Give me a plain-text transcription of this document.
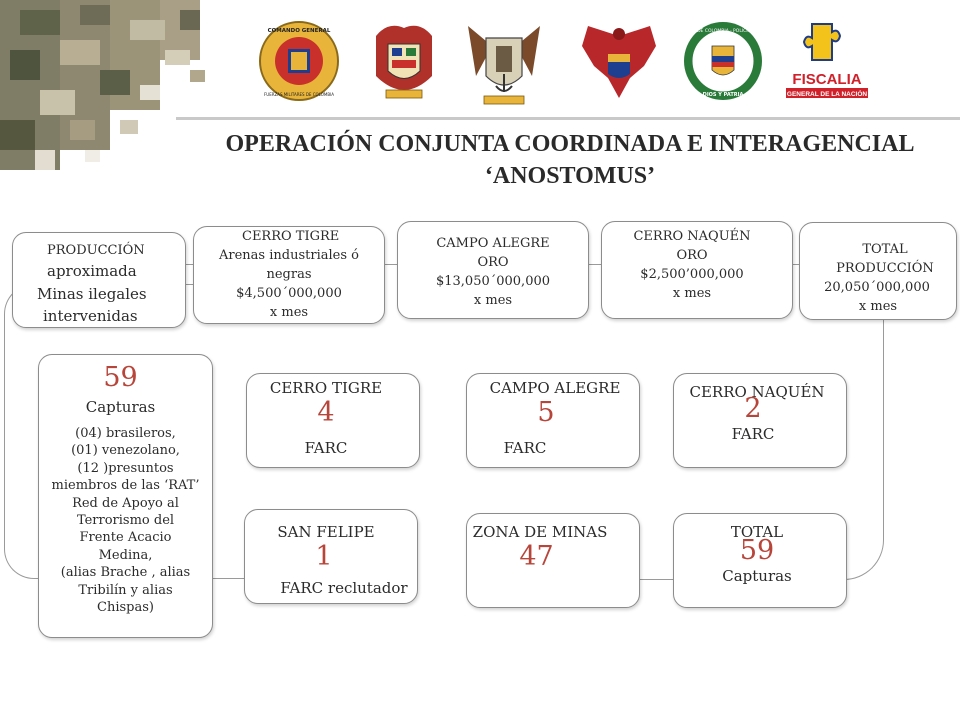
COMANDO GENERAL
FUERZAS MILITARES DE COLOMBIA
REPÚBLICA DE COLOMBIA · POLICÍA NACIONAL
DIOS Y PATRIA
FISCALIA
GENERAL DE LA NACIÓN
OPERACIÓN CONJUNTA COORDINADA E INTERAGENCIAL
‘ANOSTOMUS’
PRODUCCIÓN
aproximada
Minas ilegales
intervenidas

CERRO TIGRE

Arenas industriales ó

negras

$4,500´000,000

x mes

CAMPO ALEGRE

ORO

$13,050´000,000

x mes

CERRO NAQUÉN

ORO

$2,500’000,000

x mes

TOTAL PRODUCCIÓN

20,050´000,000

x mes

59
Capturas
(04) brasileros,
(01) venezolano,
(12 )presuntos
miembros de las ‘RAT’
Red de Apoyo al
Terrorismo del
Frente Acacio
Medina,
(alias Brache , alias
Tribilín y alias
Chispas)
CERRO TIGRE
4
FARC
CAMPO ALEGRE
5
FARC
CERRO NAQUÉN
2
FARC
SAN FELIPE
1
FARC reclutador
ZONA DE MINAS
47
TOTAL
59
Capturas
